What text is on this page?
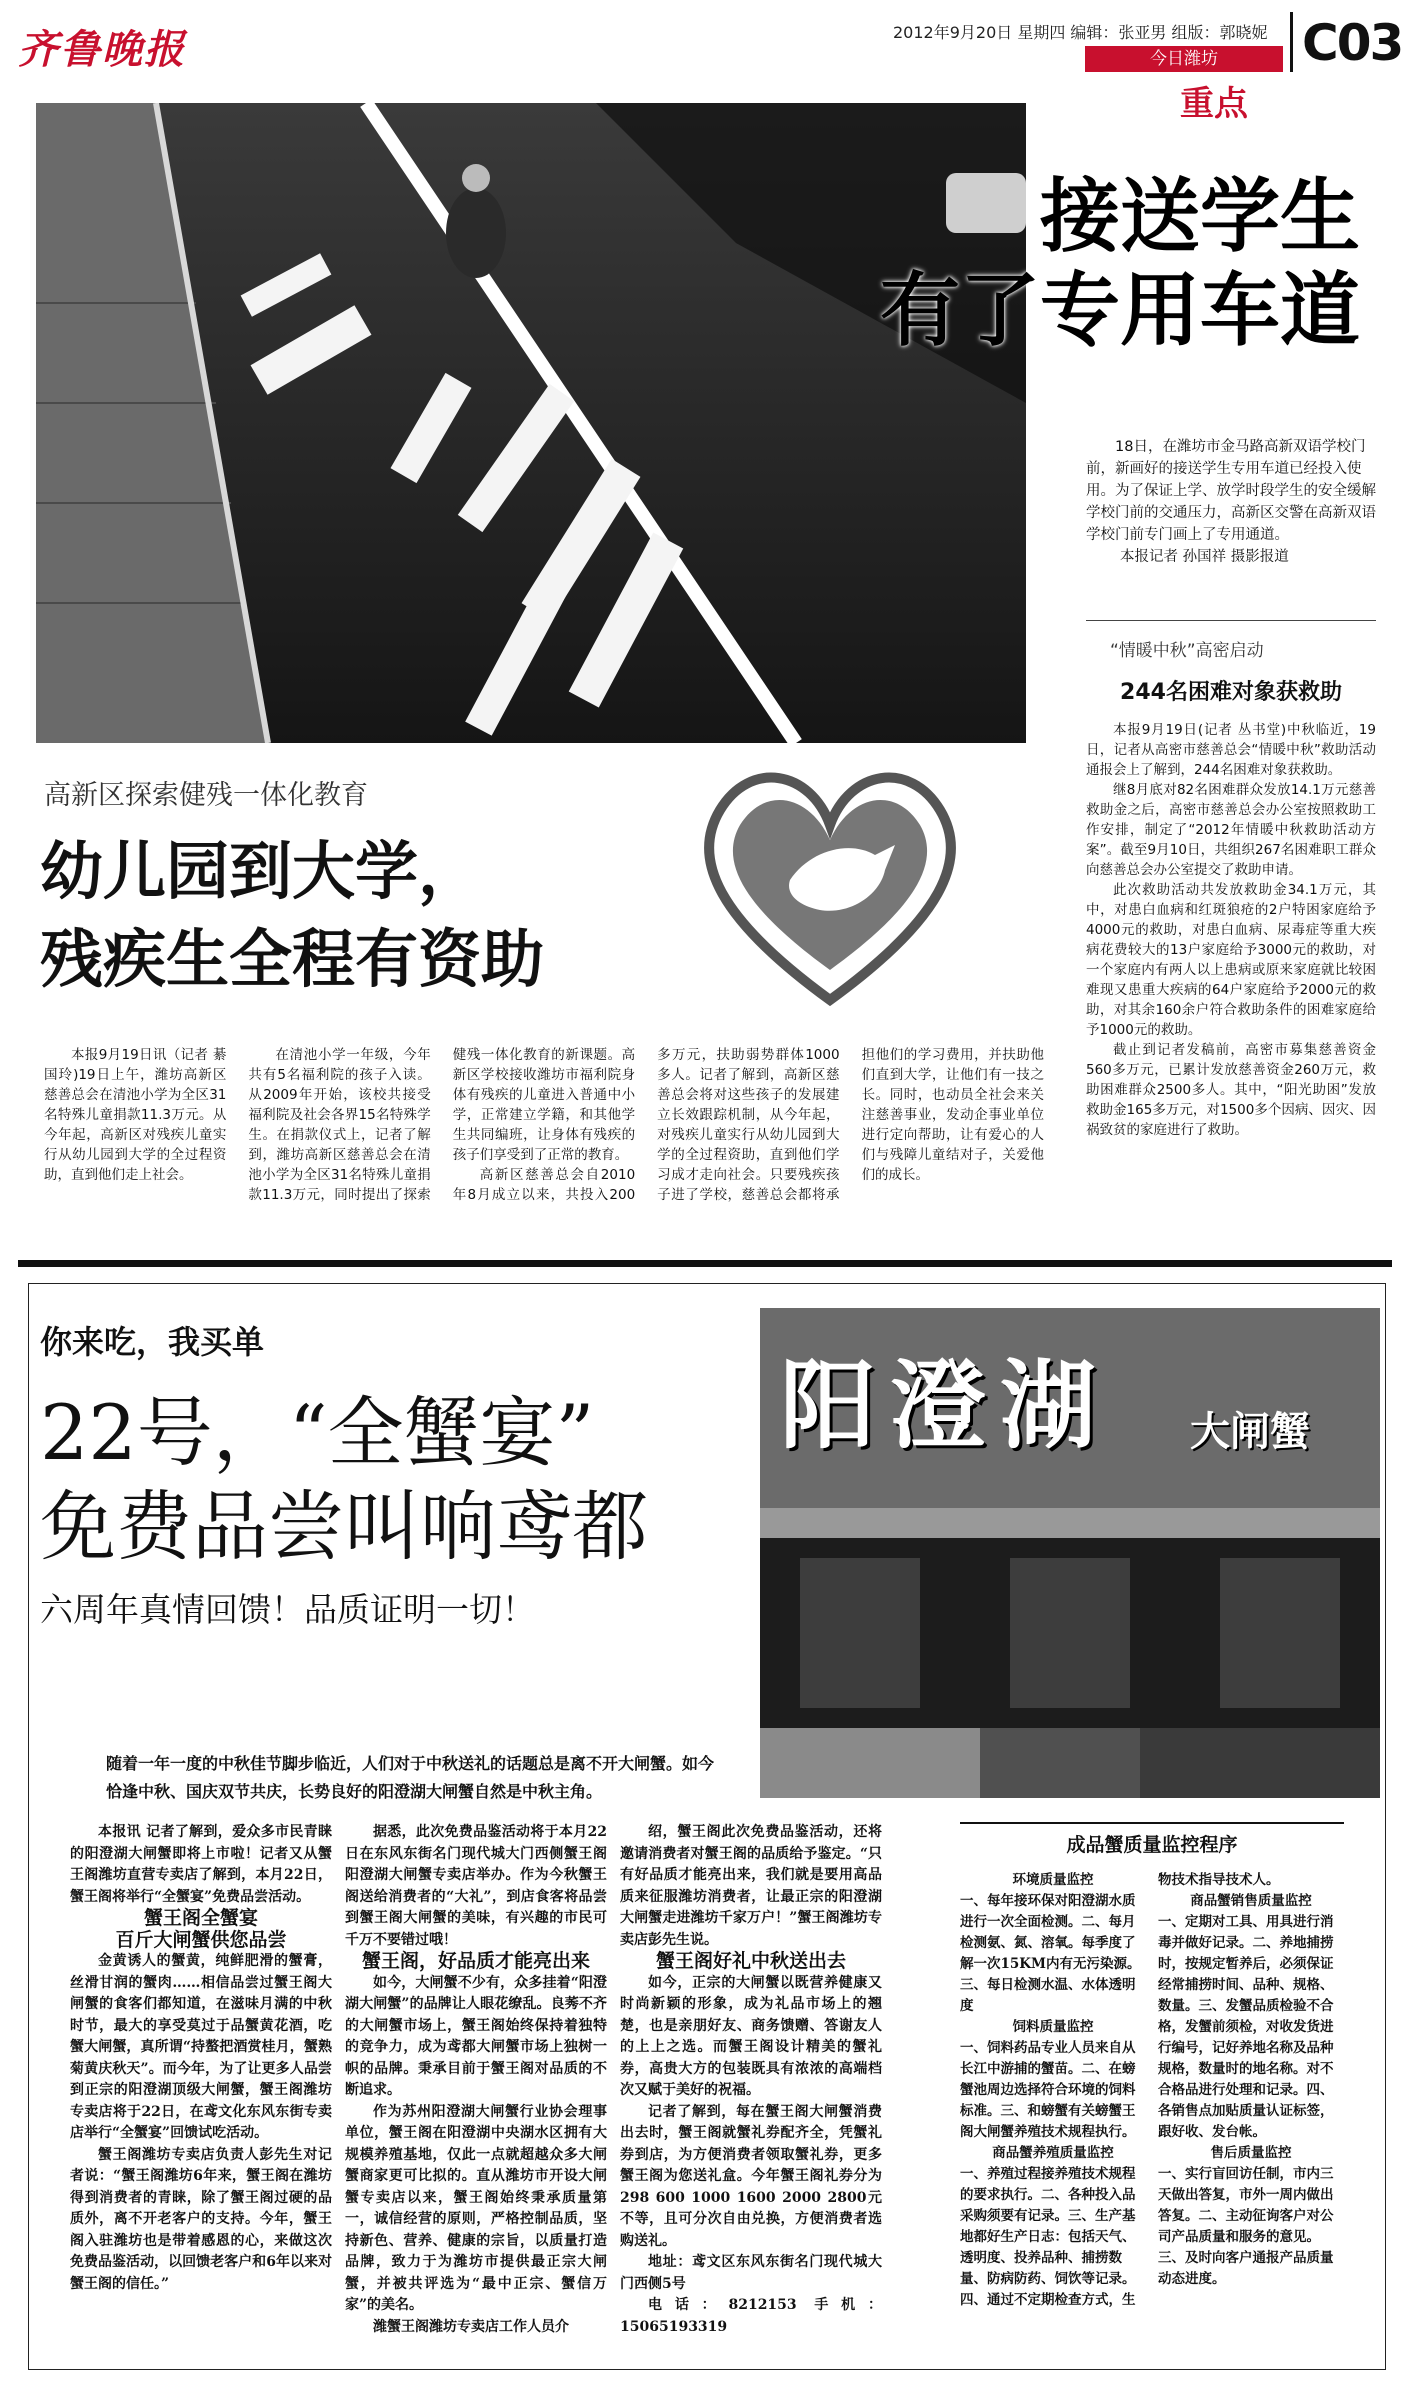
齐鲁晚报	2012年9月20日 星期四 编辑：张亚男 组版：郭晓妮
今日潍坊
重点
C03
接送学生
有了专用车道
18日，在潍坊市金马路高新双语学校门前，新画好的接送学生专用车道已经投入使用。为了保证上学、放学时段学生的安全缓解学校门前的交通压力，高新区交警在高新双语学校门前专门画上了专用通道。
本报记者 孙国祥 摄影报道
“情暖中秋”高密启动
244名困难对象获救助

本报9月19日(记者 丛书堂)中秋临近，19日，记者从高密市慈善总会“情暖中秋”救助活动通报会上了解到，244名困难对象获救助。

继8月底对82名困难群众发放14.1万元慈善救助金之后，高密市慈善总会办公室按照救助工作安排，制定了“2012年情暖中秋救助活动方案”。截至9月10日，共组织267名困难职工群众向慈善总会办公室提交了救助申请。

此次救助活动共发放救助金34.1万元，其中，对患白血病和红斑狼疮的2户特困家庭给予4000元的救助，对患白血病、尿毒症等重大疾病花费较大的13户家庭给予3000元的救助，对一个家庭内有两人以上患病或原来家庭就比较困难现又患重大疾病的64户家庭给予2000元的救助，对其余160余户符合救助条件的困难家庭给予1000元的救助。

截止到记者发稿前，高密市募集慈善资金560多万元，已累计发放慈善资金260万元，救助困难群众2500多人。其中，“阳光助困”发放救助金165多万元，对1500多个因病、因灾、因祸致贫的家庭进行了救助。

高新区探索健残一体化教育
幼儿园到大学，
残疾生全程有资助

本报9月19日讯（记者 綦国玲)19日上午，潍坊高新区慈善总会在清池小学为全区31名特殊儿童捐款11.3万元。从今年起，高新区对残疾儿童实行从幼儿园到大学的全过程资助，直到他们走上社会。

在清池小学一年级，今年共有5名福利院的孩子入读。从2009年开始，该校共接受福利院及社会各界15名特殊学生。在捐款仪式上，记者了解到，潍坊高新区慈善总会在清池小学为全区31名特殊儿童捐款11.3万元，同时提出了探索健残一体化教育的新课题。高新区学校接收潍坊市福利院身体有残疾的儿童进入普通中小学，正常建立学籍，和其他学生共同编班，让身体有残疾的孩子们享受到了正常的教育。

高新区慈善总会自2010年8月成立以来，共投入200多万元，扶助弱势群体1000多人。记者了解到，高新区慈善总会将对这些孩子的发展建立长效跟踪机制，从今年起，对残疾儿童实行从幼儿园到大学的全过程资助，直到他们学习成才走向社会。只要残疾孩子进了学校，慈善总会都将承担他们的学习费用，并扶助他们直到大学，让他们有一技之长。同时，也动员全社会来关注慈善事业，发动企事业单位进行定向帮助，让有爱心的人们与残障儿童结对子，关爱他们的成长。

你来吃，我买单
22号，“全蟹宴”
免费品尝叫响鸢都
六周年真情回馈！品质证明一切！
阳澄湖 大闸蟹
随着一年一度的中秋佳节脚步临近，人们对于中秋送礼的话题总是离不开大闸蟹。如今恰逢中秋、国庆双节共庆，长势良好的阳澄湖大闸蟹自然是中秋主角。

本报讯 记者了解到，爱众多市民青睐的阳澄湖大闸蟹即将上市啦！记者又从蟹王阁潍坊直营专卖店了解到，本月22日，蟹王阁将举行“全蟹宴”免费品尝活动。

蟹王阁全蟹宴

百斤大闸蟹供您品尝

金黄诱人的蟹黄，纯鲜肥滑的蟹膏，丝滑甘润的蟹肉……相信品尝过蟹王阁大闸蟹的食客们都知道，在滋味月满的中秋时节，最大的享受莫过于品蟹黄花酒，吃蟹大闸蟹，真所谓“持螯把酒赏桂月，蟹熟菊黄庆秋天”。而今年，为了让更多人品尝到正宗的阳澄湖顶级大闸蟹，蟹王阁潍坊专卖店将于22日，在鸢文化东风东街专卖店举行“全蟹宴”回馈试吃活动。

蟹王阁潍坊专卖店负责人彭先生对记者说：“蟹王阁潍坊6年来，蟹王阁在潍坊得到消费者的青睐，除了蟹王阁过硬的品质外，离不开老客户的支持。今年，蟹王阁入驻潍坊也是带着感恩的心，来做这次免费品鉴活动，以回馈老客户和6年以来对蟹王阁的信任。”

据悉，此次免费品鉴活动将于本月22日在东风东街名门现代城大门西侧蟹王阁阳澄湖大闸蟹专卖店举办。作为今秋蟹王阁送给消费者的“大礼”，到店食客将品尝到蟹王阁大闸蟹的美味，有兴趣的市民可千万不要错过哦！

蟹王阁，好品质才能亮出来

如今，大闸蟹不少有，众多挂着“阳澄湖大闸蟹”的品牌让人眼花缭乱。良莠不齐的大闸蟹市场上，蟹王阁始终保持着独特的竞争力，成为鸢都大闸蟹市场上独树一帜的品牌。秉承目前于蟹王阁对品质的不断追求。

作为苏州阳澄湖大闸蟹行业协会理事单位，蟹王阁在阳澄湖中央湖水区拥有大规模养殖基地，仅此一点就超越众多大闸蟹商家更可比拟的。直从潍坊市开设大闸蟹专卖店以来，蟹王阁始终秉承质量第一，诚信经营的原则，严格控制品质，坚持新色、营养、健康的宗旨，以质量打造品牌，致力于为潍坊市提供最正宗大闸蟹，并被共评选为“最中正宗、蟹信万家”的美名。

潍蟹王阁潍坊专卖店工作人员介

绍，蟹王阁此次免费品鉴活动，还将邀请消费者对蟹王阁的品质给予鉴定。“只有好品质才能亮出来，我们就是要用高品质来征服潍坊消费者，让最正宗的阳澄湖大闸蟹走进潍坊千家万户！”蟹王阁潍坊专卖店彭先生说。

蟹王阁好礼中秋送出去

如今，正宗的大闸蟹以既营养健康又时尚新颖的形象，成为礼品市场上的翘楚，也是亲朋好友、商务馈赠、答谢友人的上上之选。而蟹王阁设计精美的蟹礼券，高贵大方的包装既具有浓浓的高端档次又赋于美好的祝福。

记者了解到，每在蟹王阁大闸蟹消费出去时，蟹王阁就蟹礼券配齐全，凭蟹礼券到店，为方便消费者领取蟹礼券，更多蟹王阁为您送礼盒。今年蟹王阁礼券分为298 600 1000 1600 2000 2800元不等，且可分次自由兑换，方便消费者选购送礼。

地址：鸢文区东风东街名门现代城大门西侧5号

电话：8212153 手机：15065193319

成品蟹质量监控程序

环境质量监控

一、每年接环保对阳澄湖水质进行一次全面检测。二、每月检测氨、氮、溶氧。每季度了解一次15KM内有无污染源。三、每日检测水温、水体透明度

饲料质量监控

一、饲料药品专业人员来自从长江中游捕的蟹苗。二、在螃蟹池周边选择符合环境的饲料标准。三、和螃蟹有关螃蟹王阁大闸蟹养殖技术规程执行。

商品蟹养殖质量监控

一、养殖过程接养殖技术规程的要求执行。二、各种投入品采购须要有记录。三、生产基地都好生产日志：包括天气、透明度、投养品种、捕捞数量、防病防药、饲饮等记录。四、通过不定期检查方式，生

物技术指导技术人。

商品蟹销售质量监控

一、定期对工具、用具进行消毒并做好记录。二、养地捕捞时，按规定暂养后，必须保证经常捕捞时间、品种、规格、数量。三、发蟹品质检验不合格，发蟹前须检，对收发货进行编号，记好养地名称及品种规格，数量时的地名称。对不合格品进行处理和记录。四、各销售点加贴质量认证标签，跟好收、发台帐。

售后质量监控

一、实行盲回访任制，市内三天做出答复，市外一周内做出答复。二、主动征询客户对公司产品质量和服务的意见。三、及时向客户通报产品质量动态进度。
